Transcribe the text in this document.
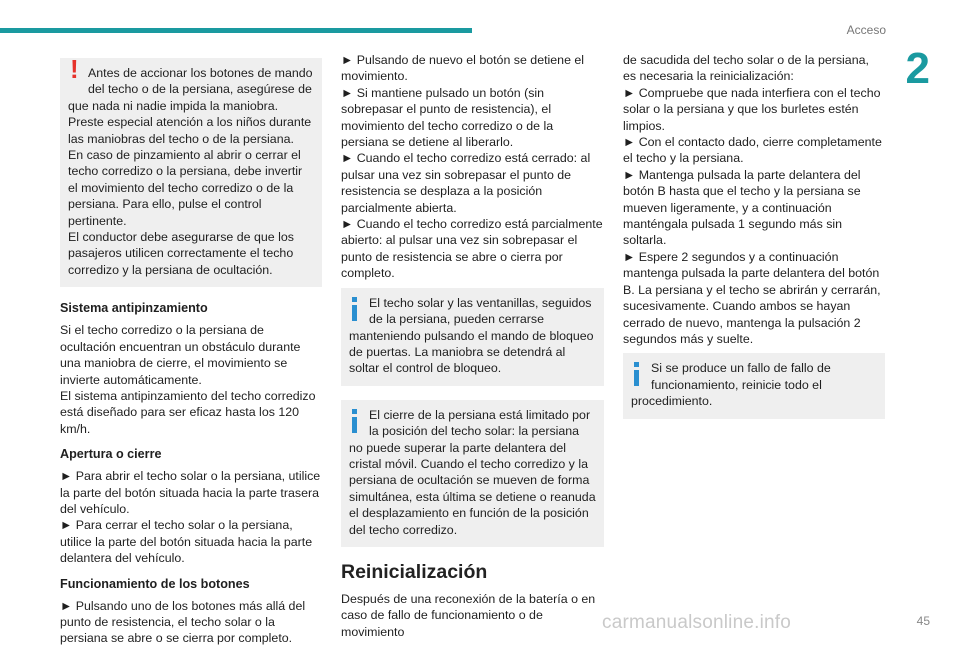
Acceso
2
!
Antes de accionar los botones de mando del techo o de la persiana, asegúrese de que nada ni nadie impida la maniobra.
Preste especial atención a los niños durante las maniobras del techo o de la persiana.
En caso de pinzamiento al abrir o cerrar el techo corredizo o la persiana, debe invertir el movimiento del techo corredizo o de la persiana. Para ello, pulse el control pertinente.
El conductor debe asegurarse de que los pasajeros utilicen correctamente el techo corredizo y la persiana de ocultación.
Sistema antipinzamiento

Si el techo corredizo o la persiana de ocultación encuentran un obstáculo durante una maniobra de cierre, el movimiento se invierte automáticamente.
El sistema antipinzamiento del techo corredizo está diseñado para ser eficaz hasta los 120 km/h.

Apertura o cierre

► Para abrir el techo solar o la persiana, utilice la parte del botón situada hacia la parte trasera del vehículo.
► Para cerrar el techo solar o la persiana, utilice la parte del botón situada hacia la parte delantera del vehículo.

Funcionamiento de los botones

► Pulsando uno de los botones más allá del punto de resistencia, el techo solar o la persiana se abre o se cierra por completo.

► Pulsando de nuevo el botón se detiene el movimiento.
► Si mantiene pulsado un botón (sin sobrepasar el punto de resistencia), el movimiento del techo corredizo o de la persiana se detiene al liberarlo.
► Cuando el techo corredizo está cerrado: al pulsar una vez sin sobrepasar el punto de resistencia se desplaza a la posición parcialmente abierta.
► Cuando el techo corredizo está parcialmente abierto: al pulsar una vez sin sobrepasar el punto de resistencia se abre o cierra por completo.

El techo solar y las ventanillas, seguidos de la persiana, pueden cerrarse manteniendo pulsando el mando de bloqueo de puertas. La maniobra se detendrá al soltar el control de bloqueo.
El cierre de la persiana está limitado por la posición del techo solar: la persiana no puede superar la parte delantera del cristal móvil. Cuando el techo corredizo y la persiana de ocultación se mueven de forma simultánea, esta última se detiene o reanuda el desplazamiento en función de la posición del techo corredizo.
Reinicialización

Después de una reconexión de la batería o en caso de fallo de funcionamiento o de movimiento

de sacudida del techo solar o de la persiana, es necesaria la reinicialización:
► Compruebe que nada interfiera con el techo solar o la persiana y que los burletes estén limpios.
► Con el contacto dado, cierre completamente el techo y la persiana.
► Mantenga pulsada la parte delantera del botón B hasta que el techo y la persiana se mueven ligeramente, y a continuación manténgala pulsada 1 segundo más sin soltarla.
► Espere 2 segundos y a continuación mantenga pulsada la parte delantera del botón B. La persiana y el techo se abrirán y cerrarán, sucesivamente. Cuando ambos se hayan cerrado de nuevo, mantenga la pulsación 2 segundos más y suelte.

Si se produce un fallo de fallo de funcionamiento, reinicie todo el procedimiento.
carmanualsonline.info	45
